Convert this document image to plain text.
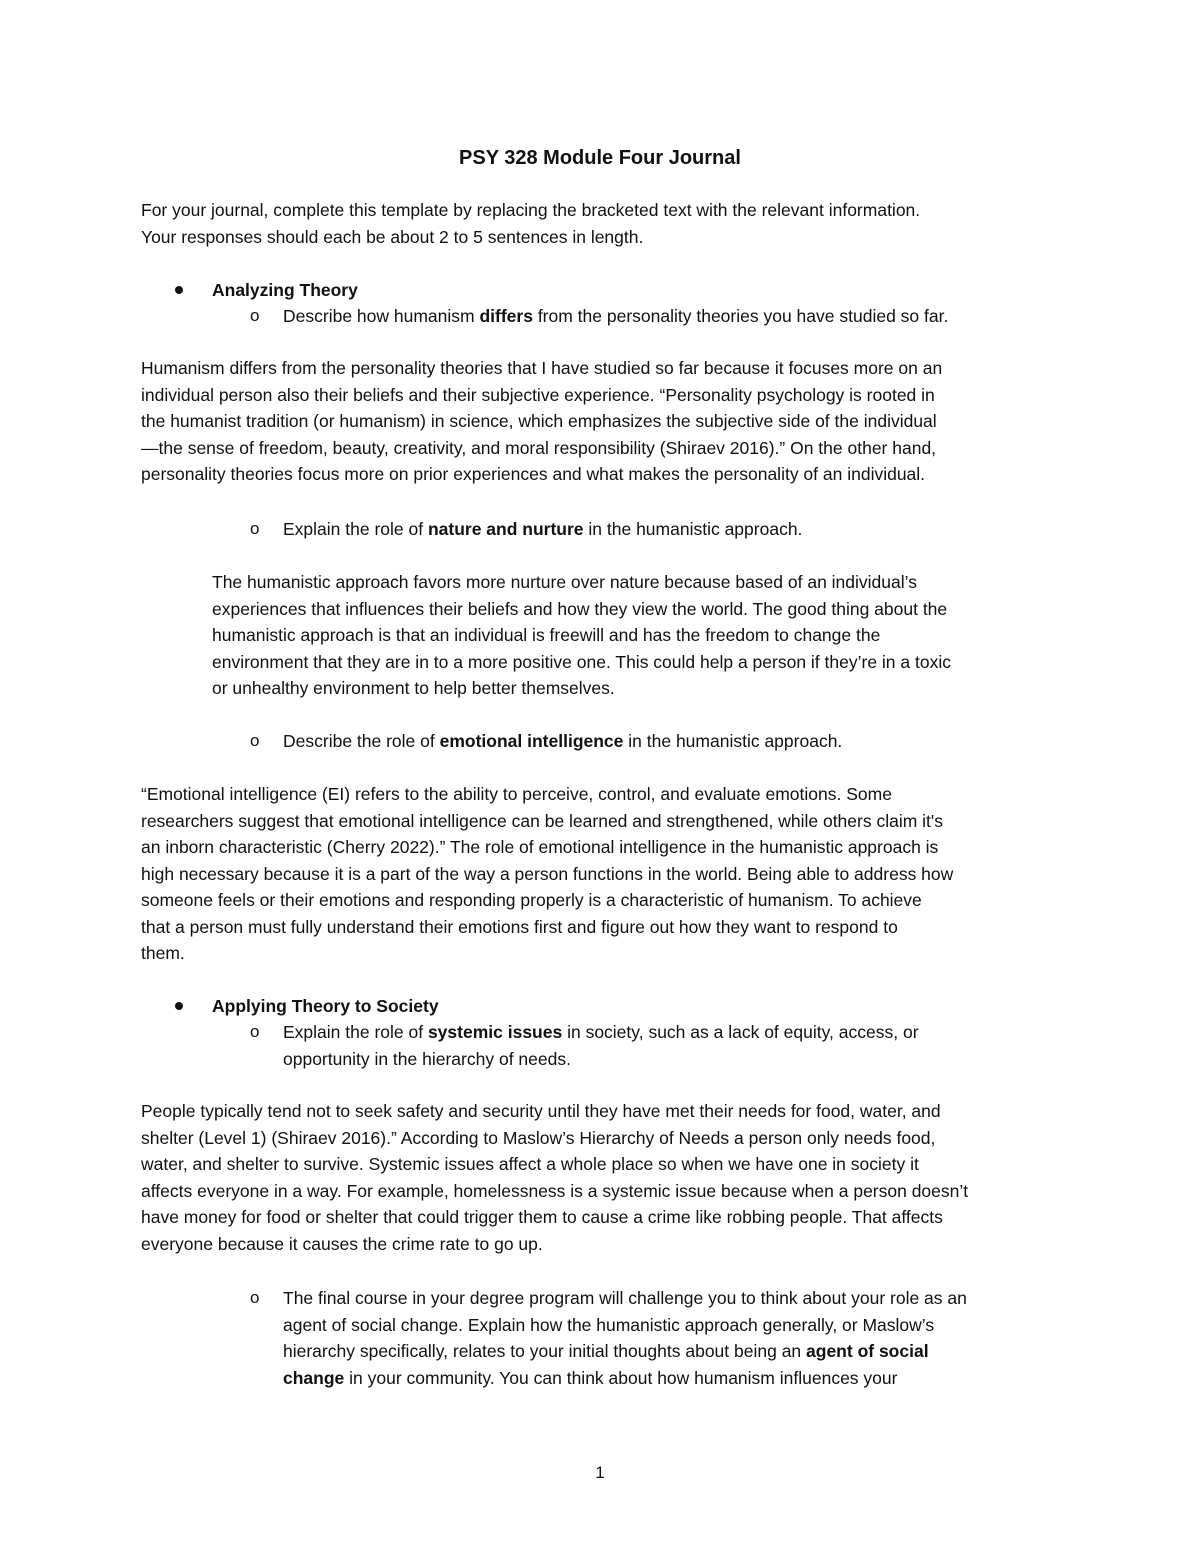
PSY 328 Module Four Journal
For your journal, complete this template by replacing the bracketed text with the relevant information.
Your responses should each be about 2 to 5 sentences in length.
Analyzing Theory
o Describe how humanism differs from the personality theories you have studied so far.
Humanism differs from the personality theories that I have studied so far because it focuses more on an
individual person also their beliefs and their subjective experience. “Personality psychology is rooted in
the humanist tradition (or humanism) in science, which emphasizes the subjective side of the individual
—the sense of freedom, beauty, creativity, and moral responsibility (Shiraev 2016).” On the other hand,
personality theories focus more on prior experiences and what makes the personality of an individual.
o Explain the role of nature and nurture in the humanistic approach.
The humanistic approach favors more nurture over nature because based of an individual’s
experiences that influences their beliefs and how they view the world. The good thing about the
humanistic approach is that an individual is freewill and has the freedom to change the
environment that they are in to a more positive one. This could help a person if they’re in a toxic
or unhealthy environment to help better themselves.
o Describe the role of emotional intelligence in the humanistic approach.
“Emotional intelligence (EI) refers to the ability to perceive, control, and evaluate emotions. Some
researchers suggest that emotional intelligence can be learned and strengthened, while others claim it's
an inborn characteristic (Cherry 2022).” The role of emotional intelligence in the humanistic approach is
high necessary because it is a part of the way a person functions in the world. Being able to address how
someone feels or their emotions and responding properly is a characteristic of humanism. To achieve
that a person must fully understand their emotions first and figure out how they want to respond to
them.
Applying Theory to Society
o Explain the role of systemic issues in society, such as a lack of equity, access, or
opportunity in the hierarchy of needs.
People typically tend not to seek safety and security until they have met their needs for food, water, and
shelter (Level 1) (Shiraev 2016).” According to Maslow’s Hierarchy of Needs a person only needs food,
water, and shelter to survive. Systemic issues affect a whole place so when we have one in society it
affects everyone in a way. For example, homelessness is a systemic issue because when a person doesn’t
have money for food or shelter that could trigger them to cause a crime like robbing people. That affects
everyone because it causes the crime rate to go up.
o The final course in your degree program will challenge you to think about your role as an
agent of social change. Explain how the humanistic approach generally, or Maslow’s
hierarchy specifically, relates to your initial thoughts about being an agent of social
change in your community. You can think about how humanism influences your
1
